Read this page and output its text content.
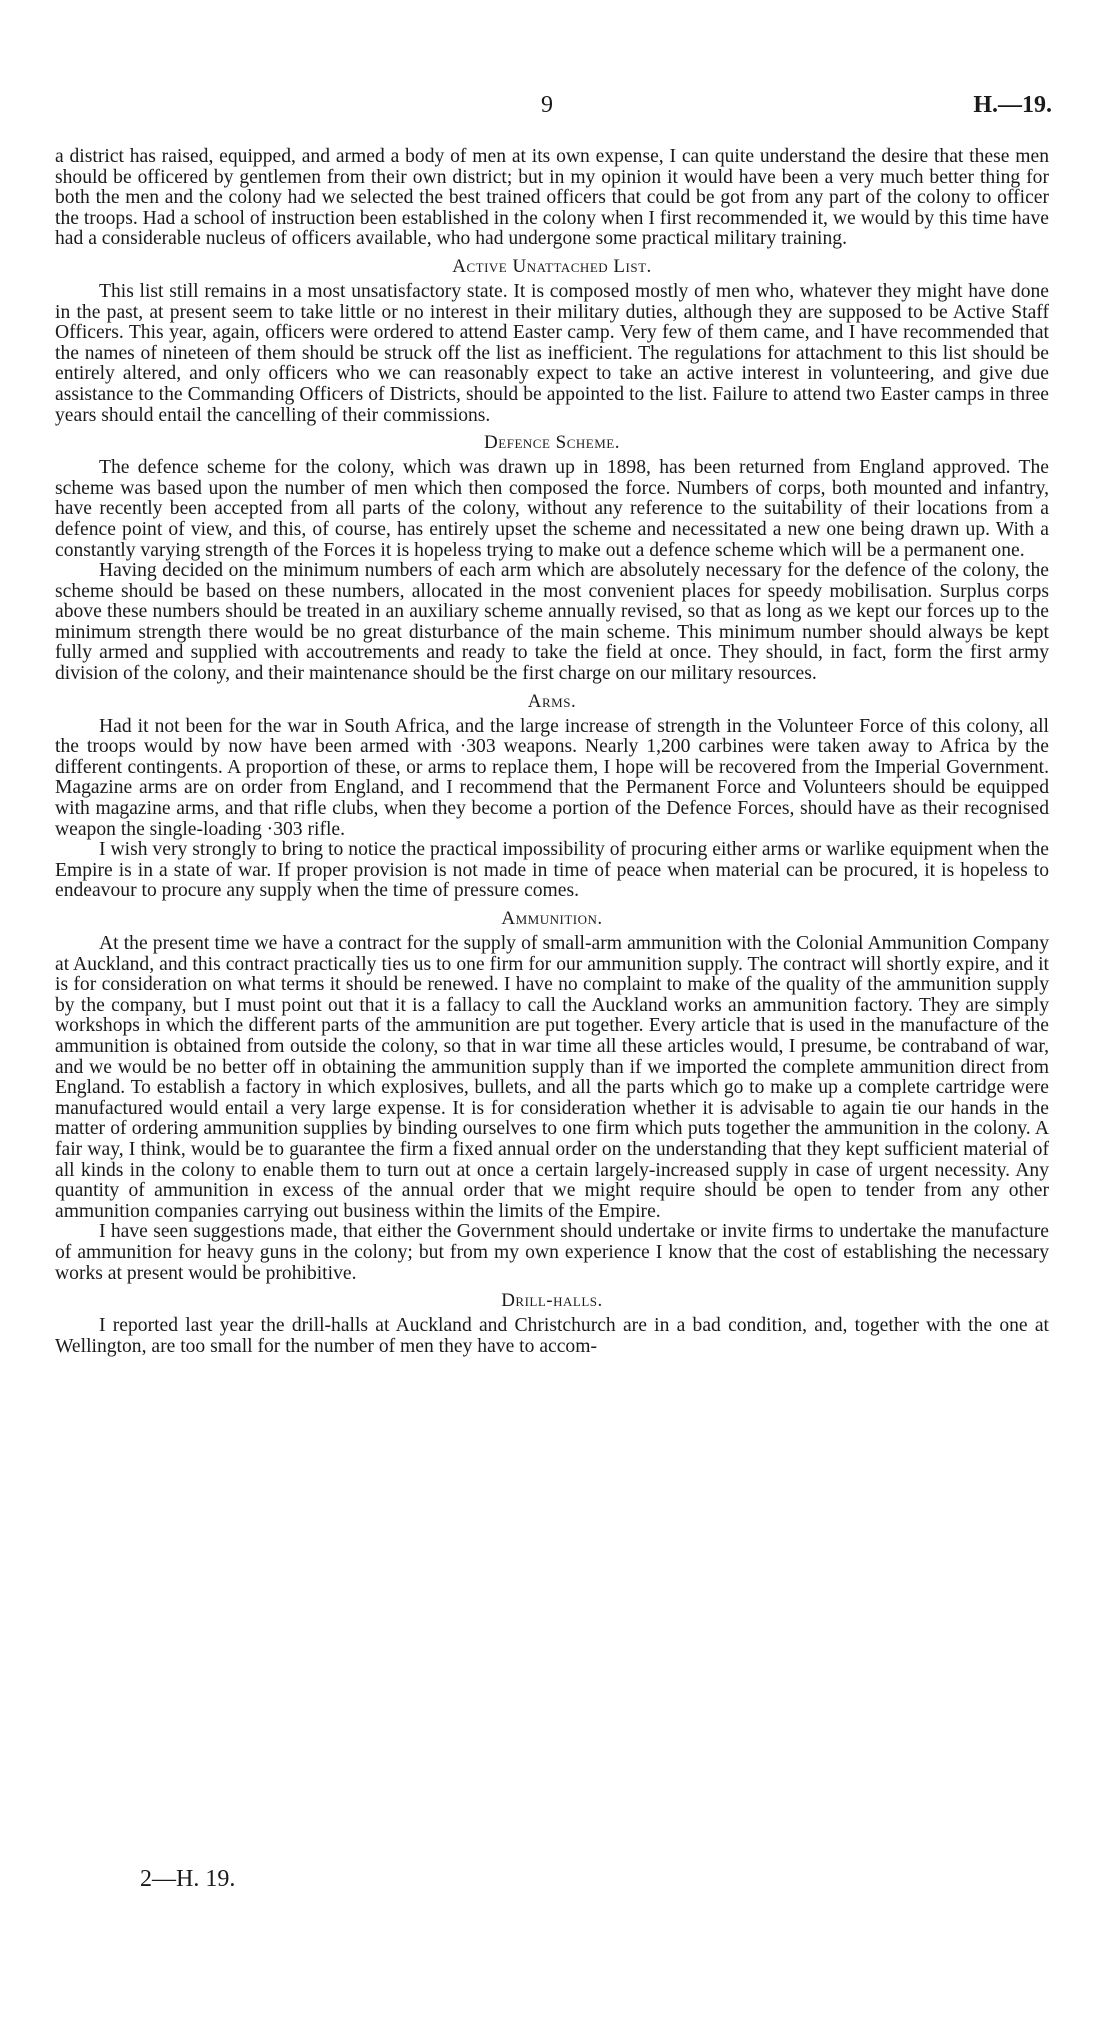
9	H.—19.

a district has raised, equipped, and armed a body of men at its own expense, I can quite understand the desire that these men should be officered by gentlemen from their own district; but in my opinion it would have been a very much better thing for both the men and the colony had we selected the best trained officers that could be got from any part of the colony to officer the troops. Had a school of instruction been established in the colony when I first recommended it, we would by this time have had a considerable nucleus of officers available, who had undergone some practical military training.

Active Unattached List.

This list still remains in a most unsatisfactory state. It is composed mostly of men who, whatever they might have done in the past, at present seem to take little or no interest in their military duties, although they are supposed to be Active Staff Officers. This year, again, officers were ordered to attend Easter camp. Very few of them came, and I have recommended that the names of nineteen of them should be struck off the list as inefficient. The regulations for attachment to this list should be entirely altered, and only officers who we can reasonably expect to take an active interest in volunteering, and give due assistance to the Commanding Officers of Districts, should be appointed to the list. Failure to attend two Easter camps in three years should entail the cancelling of their commissions.

Defence Scheme.

The defence scheme for the colony, which was drawn up in 1898, has been returned from England approved. The scheme was based upon the number of men which then composed the force. Numbers of corps, both mounted and infantry, have recently been accepted from all parts of the colony, without any reference to the suitability of their locations from a defence point of view, and this, of course, has entirely upset the scheme and necessitated a new one being drawn up. With a constantly varying strength of the Forces it is hopeless trying to make out a defence scheme which will be a permanent one.

Having decided on the minimum numbers of each arm which are absolutely necessary for the defence of the colony, the scheme should be based on these numbers, allocated in the most convenient places for speedy mobilisation. Surplus corps above these numbers should be treated in an auxiliary scheme annually revised, so that as long as we kept our forces up to the minimum strength there would be no great disturbance of the main scheme. This minimum number should always be kept fully armed and supplied with accoutrements and ready to take the field at once. They should, in fact, form the first army division of the colony, and their maintenance should be the first charge on our military resources.

Arms.

Had it not been for the war in South Africa, and the large increase of strength in the Volunteer Force of this colony, all the troops would by now have been armed with ·303 weapons. Nearly 1,200 carbines were taken away to Africa by the different contingents. A proportion of these, or arms to replace them, I hope will be recovered from the Imperial Government. Magazine arms are on order from England, and I recommend that the Permanent Force and Volunteers should be equipped with magazine arms, and that rifle clubs, when they become a portion of the Defence Forces, should have as their recognised weapon the single-loading ·303 rifle.

I wish very strongly to bring to notice the practical impossibility of procuring either arms or warlike equipment when the Empire is in a state of war. If proper provision is not made in time of peace when material can be procured, it is hopeless to endeavour to procure any supply when the time of pressure comes.

Ammunition.

At the present time we have a contract for the supply of small-arm ammunition with the Colonial Ammunition Company at Auckland, and this contract practically ties us to one firm for our ammunition supply. The contract will shortly expire, and it is for consideration on what terms it should be renewed. I have no complaint to make of the quality of the ammunition supply by the company, but I must point out that it is a fallacy to call the Auckland works an ammunition factory. They are simply workshops in which the different parts of the ammunition are put together. Every article that is used in the manufacture of the ammunition is obtained from outside the colony, so that in war time all these articles would, I presume, be contraband of war, and we would be no better off in obtaining the ammunition supply than if we imported the complete ammunition direct from England. To establish a factory in which explosives, bullets, and all the parts which go to make up a complete cartridge were manufactured would entail a very large expense. It is for consideration whether it is advisable to again tie our hands in the matter of ordering ammunition supplies by binding ourselves to one firm which puts together the ammunition in the colony. A fair way, I think, would be to guarantee the firm a fixed annual order on the understanding that they kept sufficient material of all kinds in the colony to enable them to turn out at once a certain largely-increased supply in case of urgent necessity. Any quantity of ammunition in excess of the annual order that we might require should be open to tender from any other ammunition companies carrying out business within the limits of the Empire.

I have seen suggestions made, that either the Government should undertake or invite firms to undertake the manufacture of ammunition for heavy guns in the colony; but from my own experience I know that the cost of establishing the necessary works at present would be prohibitive.

Drill-halls.

I reported last year the drill-halls at Auckland and Christchurch are in a bad condition, and, together with the one at Wellington, are too small for the number of men they have to accom-

2—H. 19.
